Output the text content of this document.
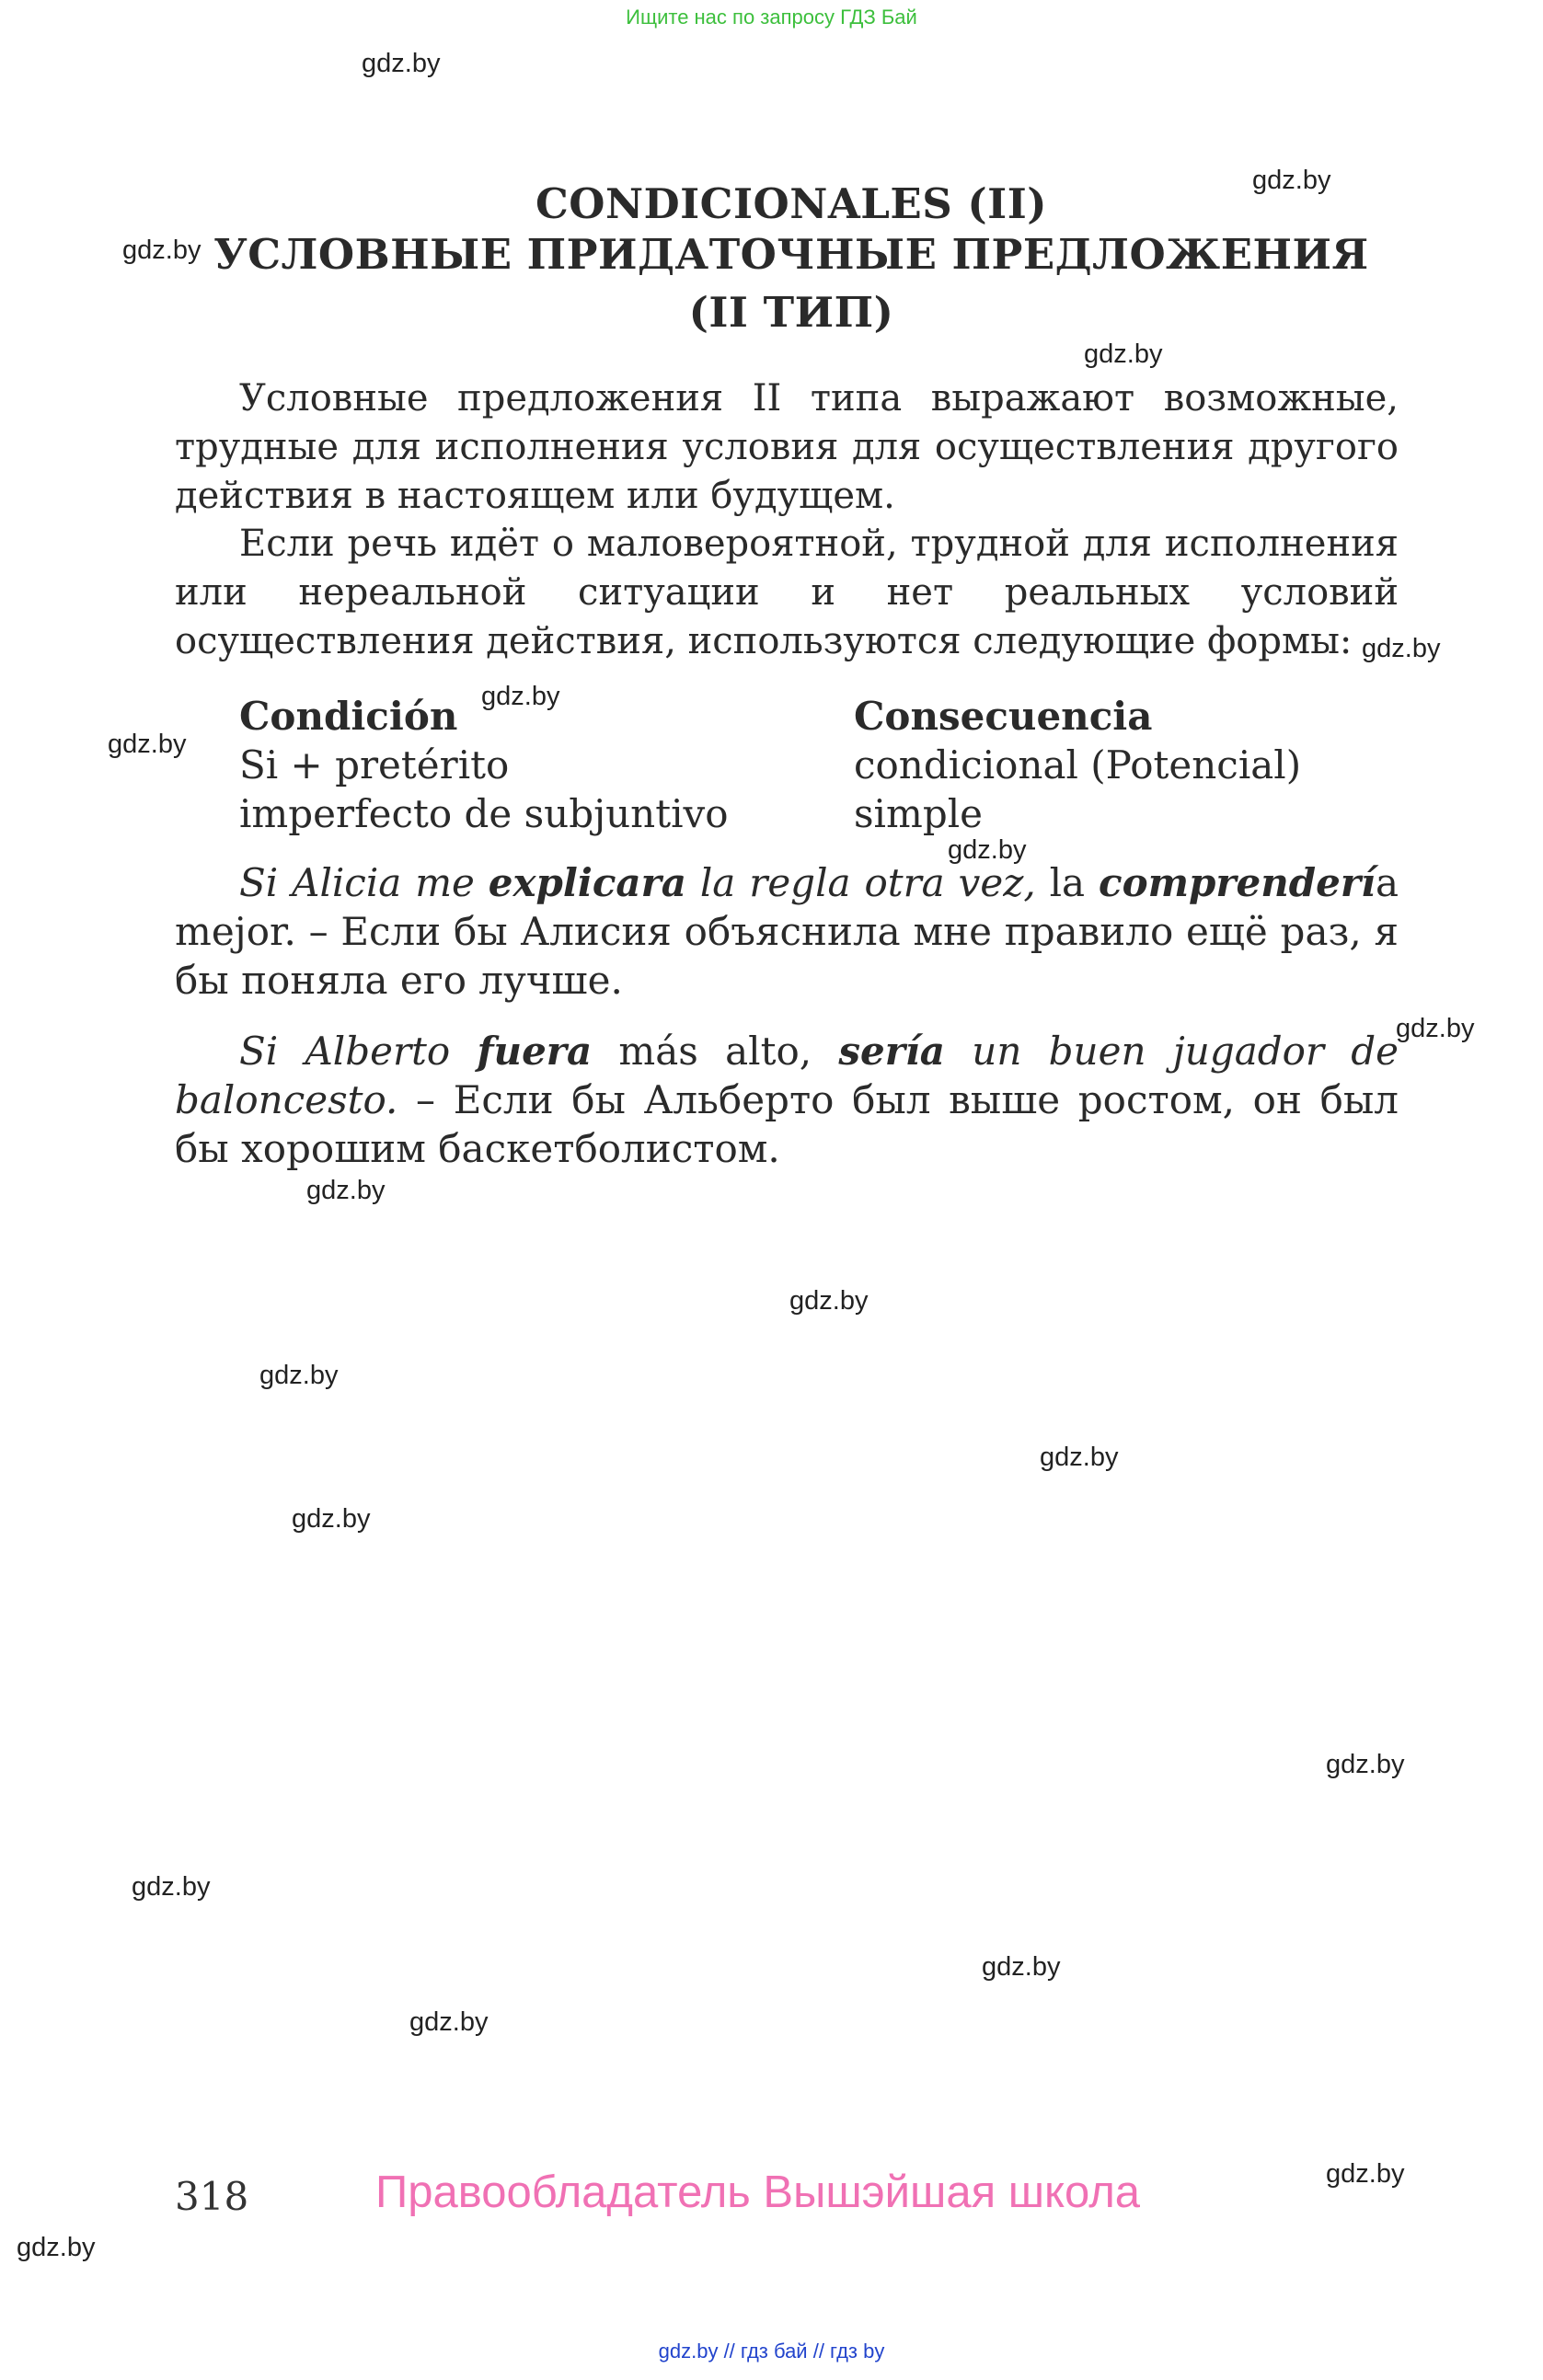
Ищите нас по запросу ГДЗ Бай
gdz.by
gdz.by
gdz.by
gdz.by
gdz.by
gdz.by
gdz.by
gdz.by
gdz.by
gdz.by
gdz.by
gdz.by
gdz.by
gdz.by
gdz.by
gdz.by
gdz.by
gdz.by
gdz.by
gdz.by
CONDICIONALES (II)
УСЛОВНЫЕ ПРИДАТОЧНЫЕ ПРЕДЛОЖЕНИЯ
(II ТИП)
Условные предложения II типа выражают возможные, трудные для исполнения условия для осуществления другого действия в настоящем или будущем.
Если речь идёт о маловероятной, трудной для исполнения или нереальной ситуации и нет реальных условий осуществления действия, используются следующие формы:
Condición
Si + pretérito
imperfecto de subjuntivo
Consecuencia
condicional (Potencial)
simple
Si Alicia me explicara la regla otra vez, la comprendería mejor. – Если бы Алисия объяснила мне правило ещё раз, я бы поняла его лучше.
Si Alberto fuera más alto, sería un buen jugador de baloncesto. – Если бы Альберто был выше ростом, он был бы хорошим баскетболистом.
318	Правообладатель Вышэйшая школа
gdz.by // гдз бай // гдз by
